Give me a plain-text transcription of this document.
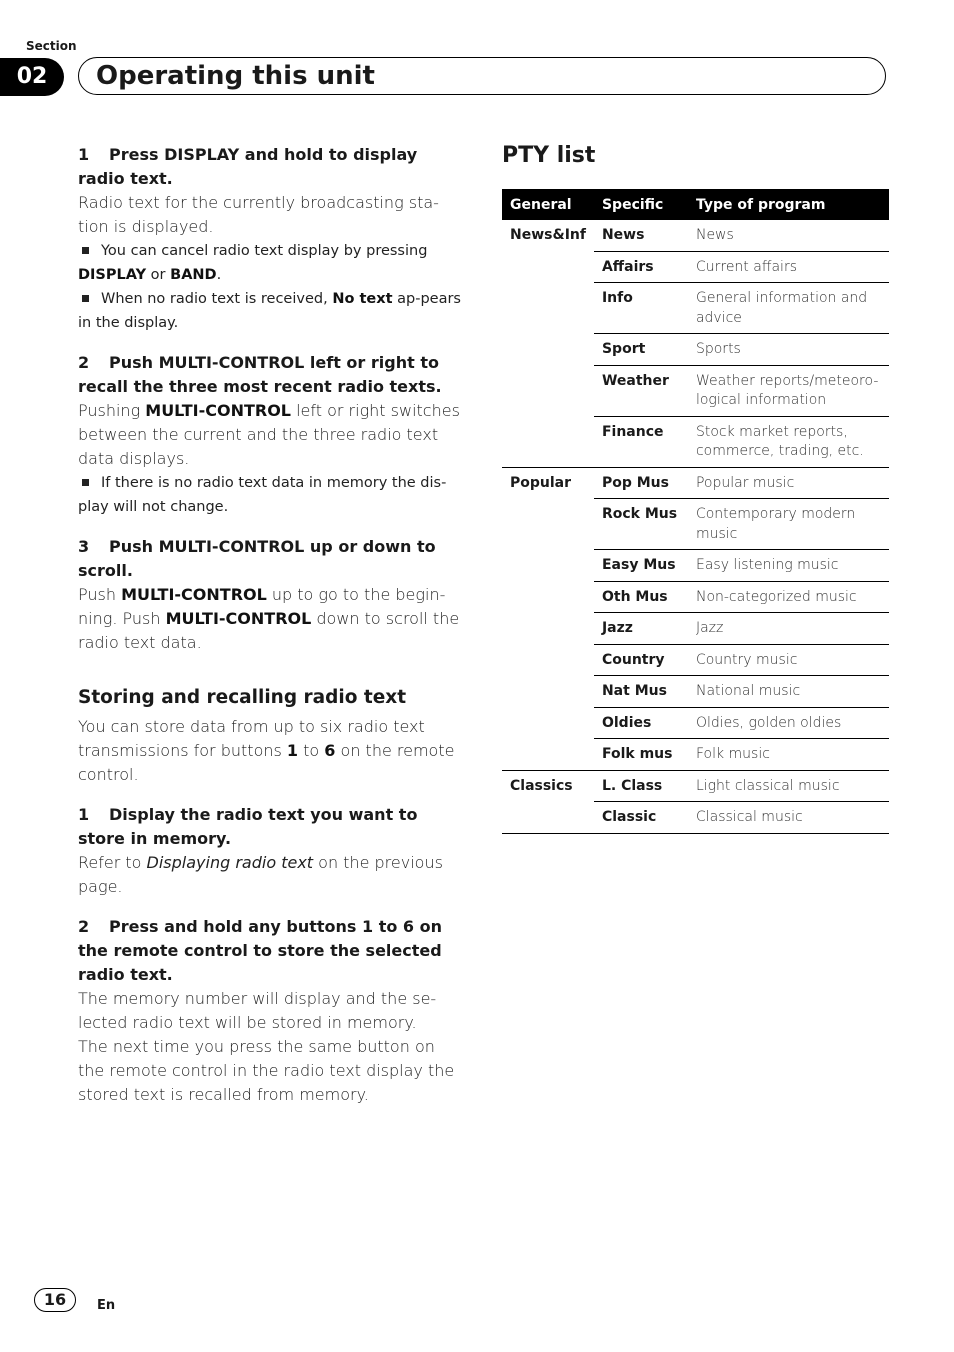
Section
02	Operating this unit

1 Press DISPLAY and hold to display radio text.

Radio text for the currently broadcasting sta-tion is displayed.

You can cancel radio text display by pressing DISPLAY or BAND.

When no radio text is received, No text ap-pears in the display.

2 Push MULTI-CONTROL left or right to recall the three most recent radio texts.

Pushing MULTI-CONTROL left or right switches between the current and the three radio text data displays.

If there is no radio text data in memory the dis-play will not change.

3 Push MULTI-CONTROL up or down to scroll.

Push MULTI-CONTROL up to go to the begin-ning. Push MULTI-CONTROL down to scroll the radio text data.

Storing and recalling radio text

You can store data from up to six radio text transmissions for buttons 1 to 6 on the remote control.

1 Display the radio text you want to store in memory.

Refer to Displaying radio text on the previous page.

2 Press and hold any buttons 1 to 6 on the remote control to store the selected radio text.

The memory number will display and the se-lected radio text will be stored in memory.

The next time you press the same button on the remote control in the radio text display the stored text is recalled from memory.

PTY list

General	Specific	Type of program
News&Inf	News	News
	Affairs	Current affairs
	Info	General information and advice
	Sport	Sports
	Weather	Weather reports/meteoro-logical information
	Finance	Stock market reports, commerce, trading, etc.
Popular	Pop Mus	Popular music
	Rock Mus	Contemporary modern music
	Easy Mus	Easy listening music
	Oth Mus	Non-categorized music
	Jazz	Jazz
	Country	Country music
	Nat Mus	National music
	Oldies	Oldies, golden oldies
	Folk mus	Folk music
Classics	L. Class	Light classical music
	Classic	Classical music
16	En
